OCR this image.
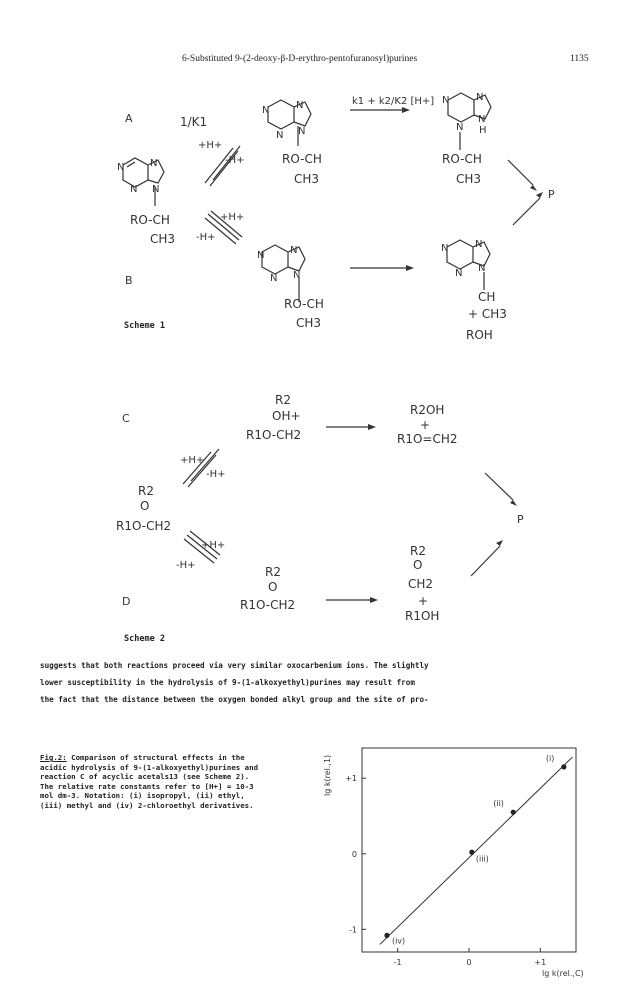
6-Substituted 9-(2-deoxy-β-D-erythro-pentofuranosyl)purines	1135
N	N
N N
N	N
N N
N	N
N
N
H
N	N
N N
N	N
N N
A
B
1/K1
k1 + k2/K2 [H+]
+H+
-H+
+H+
-H+
RO-CH
CH3
RO-CH
CH3
RO-CH
CH3
P
RO-CH
CH3
CH
+ CH3
ROH
Scheme 1
C
D
R2
OH+
R1O-CH2
R2OH
+
R1O=CH2
+H+
-H+
R2
O
R1O-CH2
+H+
-H+	R2
O
R1O-CH2
R2
O
CH2
+
R1OH
P
Scheme 2
suggests that both reactions proceed via very similar oxocarbenium ions. The slightly
lower susceptibility in the hydrolysis of 9-(1-alkoxyethyl)purines may result from
the fact that the distance between the oxygen bonded alkyl group and the site of pro-
Fig.2: Comparison of structural effects in the acidic hydrolysis of 9-(1-alkoxyethyl)purines and reaction C of acyclic acetals13 (see Scheme 2). The relative rate constants refer to [H+] = 10-3 mol dm-3. Notation: (i) isopropyl, (ii) ethyl, (iii) methyl and (iv) 2-chloroethyl derivatives.
-1
-1
0
0
+1
+1
(i)
(ii)
(iii)
(iv)
lg k(rel.,C)
lg k(rel.,1)
